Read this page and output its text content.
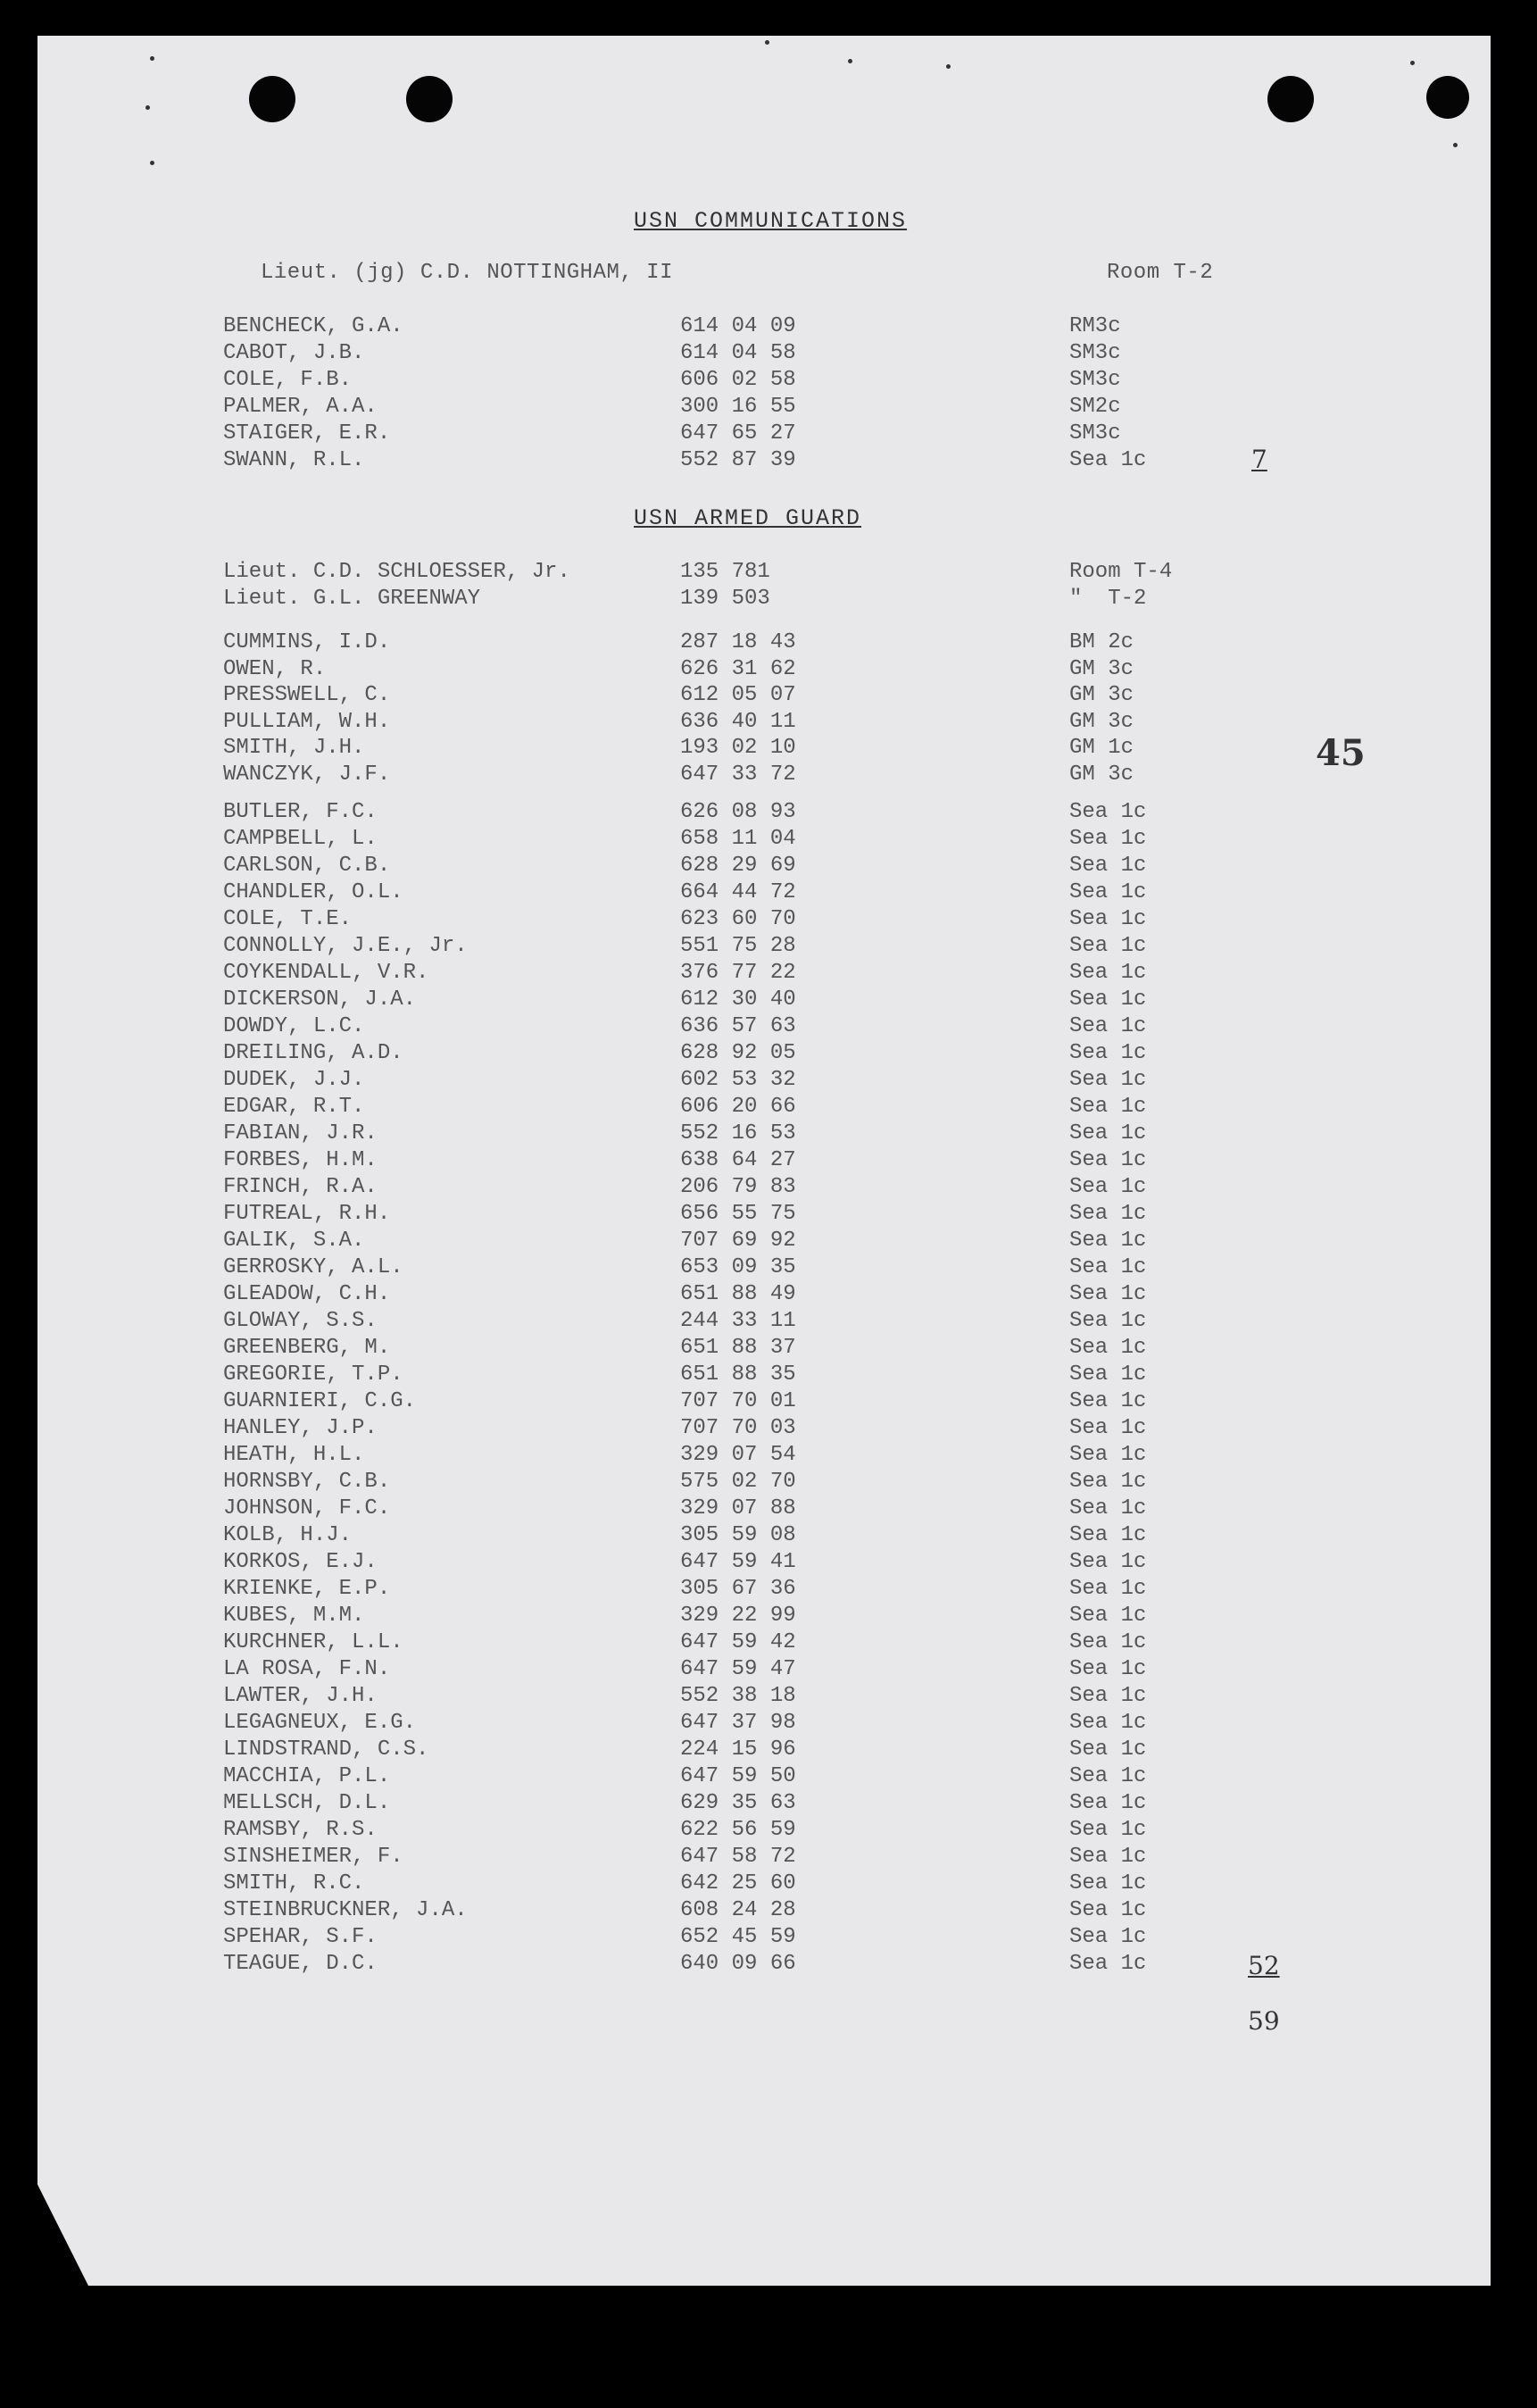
USN COMMUNICATIONS
Lieut. (jg) C.D. NOTTINGHAM, II	Room T-2
BENCHECK, G.A.	614 04 09	RM3c
CABOT, J.B.	614 04 58	SM3c
COLE, F.B.	606 02 58	SM3c
PALMER, A.A.	300 16 55	SM2c
STAIGER, E.R.	647 65 27	SM3c
SWANN, R.L.	552 87 39	Sea 1c	7
USN ARMED GUARD
Lieut. C.D. SCHLOESSER, Jr.	135 781	Room T-4
Lieut. G.L. GREENWAY	139 503	"  T-2
CUMMINS, I.D.	287 18 43	BM 2c
OWEN, R.	626 31 62	GM 3c
PRESSWELL, C.	612 05 07	GM 3c
PULLIAM, W.H.	636 40 11	GM 3c
SMITH, J.H.	193 02 10	GM 1c
WANCZYK, J.F.	647 33 72	GM 3c
BUTLER, F.C.	626 08 93	Sea 1c
CAMPBELL, L.	658 11 04	Sea 1c
CARLSON, C.B.	628 29 69	Sea 1c
CHANDLER, O.L.	664 44 72	Sea 1c
COLE, T.E.	623 60 70	Sea 1c
CONNOLLY, J.E., Jr.	551 75 28	Sea 1c
COYKENDALL, V.R.	376 77 22	Sea 1c
DICKERSON, J.A.	612 30 40	Sea 1c
DOWDY, L.C.	636 57 63	Sea 1c
DREILING, A.D.	628 92 05	Sea 1c
DUDEK, J.J.	602 53 32	Sea 1c
EDGAR, R.T.	606 20 66	Sea 1c
FABIAN, J.R.	552 16 53	Sea 1c
FORBES, H.M.	638 64 27	Sea 1c
FRINCH, R.A.	206 79 83	Sea 1c
FUTREAL, R.H.	656 55 75	Sea 1c
GALIK, S.A.	707 69 92	Sea 1c
GERROSKY, A.L.	653 09 35	Sea 1c
GLEADOW, C.H.	651 88 49	Sea 1c
GLOWAY, S.S.	244 33 11	Sea 1c
GREENBERG, M.	651 88 37	Sea 1c
GREGORIE, T.P.	651 88 35	Sea 1c
GUARNIERI, C.G.	707 70 01	Sea 1c
HANLEY, J.P.	707 70 03	Sea 1c
HEATH, H.L.	329 07 54	Sea 1c
HORNSBY, C.B.	575 02 70	Sea 1c
JOHNSON, F.C.	329 07 88	Sea 1c
KOLB, H.J.	305 59 08	Sea 1c
KORKOS, E.J.	647 59 41	Sea 1c
KRIENKE, E.P.	305 67 36	Sea 1c
KUBES, M.M.	329 22 99	Sea 1c
KURCHNER, L.L.	647 59 42	Sea 1c
LA ROSA, F.N.	647 59 47	Sea 1c
LAWTER, J.H.	552 38 18	Sea 1c
LEGAGNEUX, E.G.	647 37 98	Sea 1c
LINDSTRAND, C.S.	224 15 96	Sea 1c
MACCHIA, P.L.	647 59 50	Sea 1c
MELLSCH, D.L.	629 35 63	Sea 1c
RAMSBY, R.S.	622 56 59	Sea 1c
SINSHEIMER, F.	647 58 72	Sea 1c
SMITH, R.C.	642 25 60	Sea 1c
STEINBRUCKNER, J.A.	608 24 28	Sea 1c
SPEHAR, S.F.	652 45 59	Sea 1c
TEAGUE, D.C.	640 09 66	Sea 1c
45
52
59
